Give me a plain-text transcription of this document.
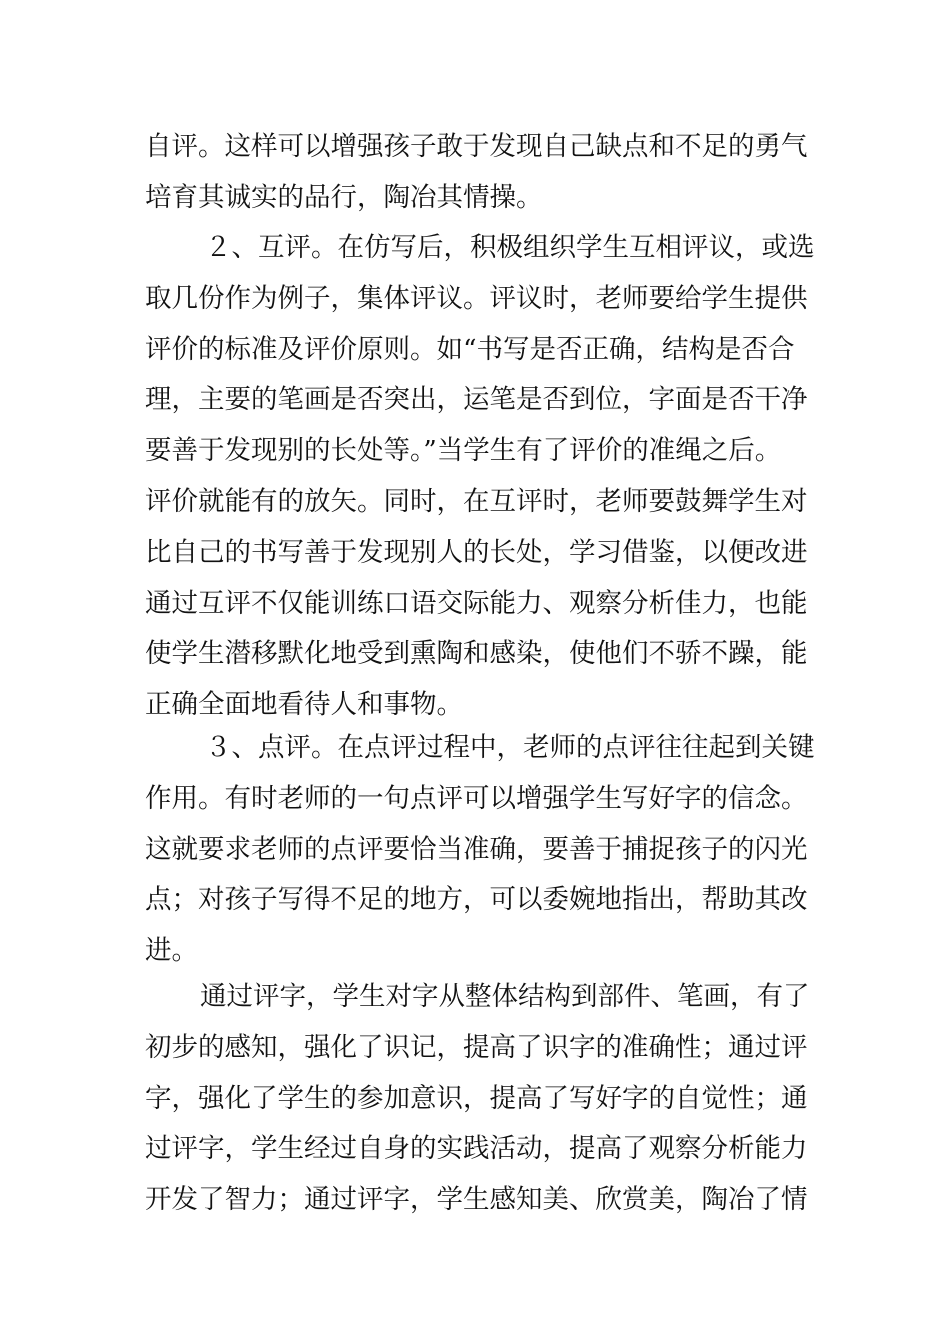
自评。这样可以增强孩子敢于发现自己缺点和不足的勇气
培育其诚实的品行，陶冶其情操。
２、互评。在仿写后，积极组织学生互相评议，或选
取几份作为例子，集体评议。评议时，老师要给学生提供
评价的标准及评价原则。如“书写是否正确，结构是否合
理，主要的笔画是否突出，运笔是否到位，字面是否干净
要善于发现别的长处等。”当学生有了评价的准绳之后。
评价就能有的放矢。同时，在互评时，老师要鼓舞学生对
比自己的书写善于发现别人的长处，学习借鉴，以便改进
通过互评不仅能训练口语交际能力、观察分析佳力，也能
使学生潜移默化地受到熏陶和感染，使他们不骄不躁，能
正确全面地看待人和事物。
３、点评。在点评过程中，老师的点评往往起到关键
作用。有时老师的一句点评可以增强学生写好字的信念。
这就要求老师的点评要恰当准确，要善于捕捉孩子的闪光
点；对孩子写得不足的地方，可以委婉地指出，帮助其改
进。
通过评字，学生对字从整体结构到部件、笔画，有了
初步的感知，强化了识记，提高了识字的准确性；通过评
字，强化了学生的参加意识，提高了写好字的自觉性；通
过评字，学生经过自身的实践活动，提高了观察分析能力
开发了智力；通过评字，学生感知美、欣赏美，陶冶了情
